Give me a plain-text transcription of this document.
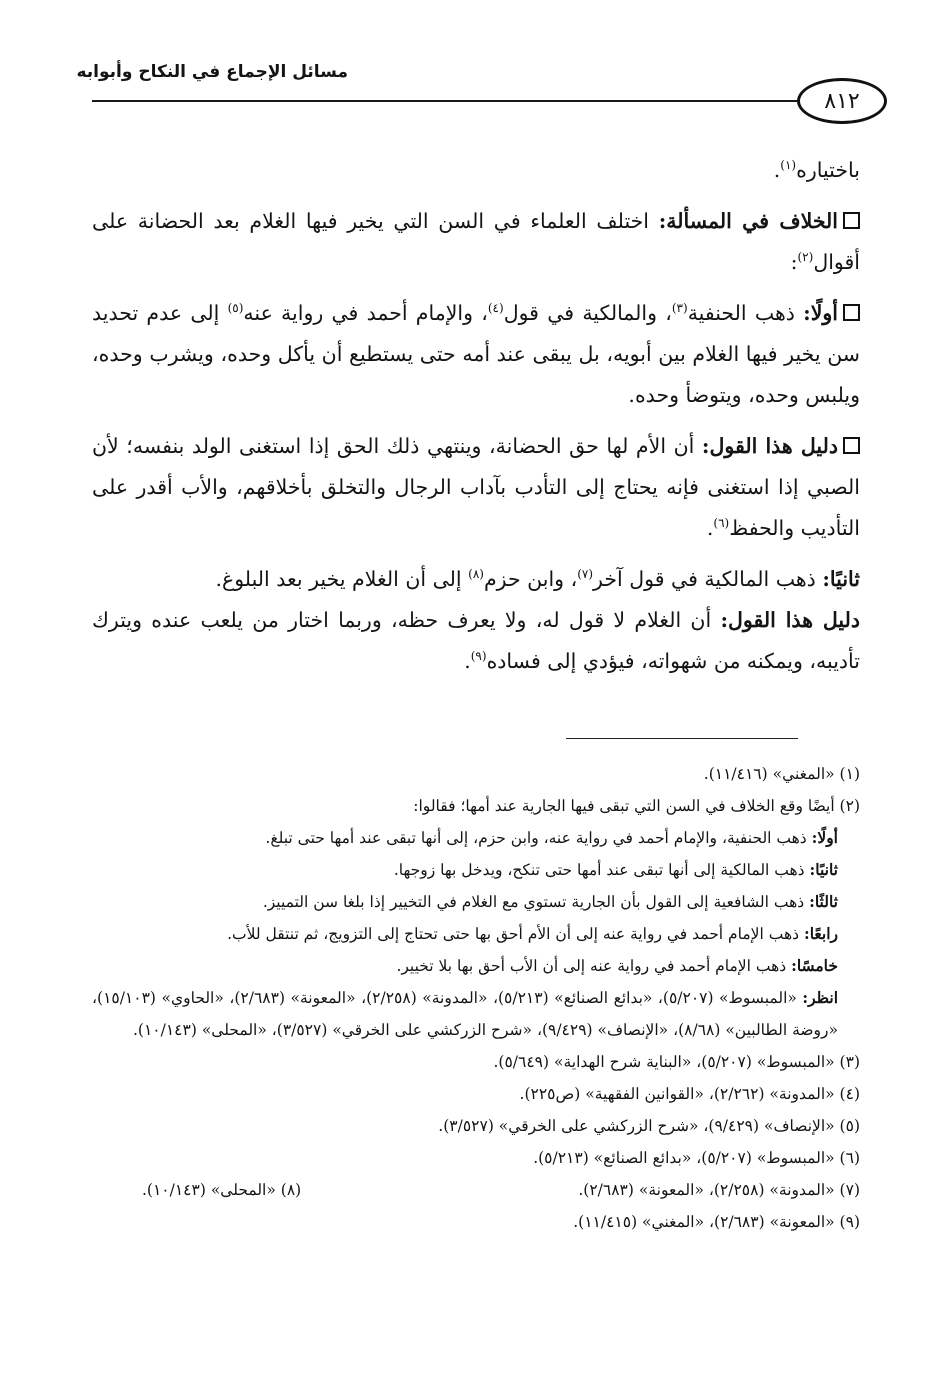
مسائل الإجماع في النكاح وأبوابه
٨١٢

باختياره$^{(١)}$.

الخلاف في المسألة: اختلف العلماء في السن التي يخير فيها الغلام بعد الحضانة على أقوال$^{(٢)}$:

أولًا: ذهب الحنفية$^{(٣)}$، والمالكية في قول$^{(٤)}$، والإمام أحمد في رواية عنه$^{(٥)}$ إلى عدم تحديد سن يخير فيها الغلام بين أبويه، بل يبقى عند أمه حتى يستطيع أن يأكل وحده، ويشرب وحده، ويلبس وحده، ويتوضأ وحده.

دليل هذا القول: أن الأم لها حق الحضانة، وينتهي ذلك الحق إذا استغنى الولد بنفسه؛ لأن الصبي إذا استغنى فإنه يحتاج إلى التأدب بآداب الرجال والتخلق بأخلاقهم، والأب أقدر على التأديب والحفظ$^{(٦)}$.

ثانيًا: ذهب المالكية في قول آخر$^{(٧)}$، وابن حزم$^{(٨)}$ إلى أن الغلام يخير بعد البلوغ.

دليل هذا القول: أن الغلام لا قول له، ولا يعرف حظه، وربما اختار من يلعب عنده ويترك تأديبه، ويمكنه من شهواته، فيؤدي إلى فساده$^{(٩)}$.

(١) «المغني» (١١/٤١٦).

(٢) أيضًا وقع الخلاف في السن التي تبقى فيها الجارية عند أمها؛ فقالوا:

أولًا: ذهب الحنفية، والإمام أحمد في رواية عنه، وابن حزم، إلى أنها تبقى عند أمها حتى تبلغ.

ثانيًا: ذهب المالكية إلى أنها تبقى عند أمها حتى تنكح، ويدخل بها زوجها.

ثالثًا: ذهب الشافعية إلى القول بأن الجارية تستوي مع الغلام في التخيير إذا بلغا سن التمييز.

رابعًا: ذهب الإمام أحمد في رواية عنه إلى أن الأم أحق بها حتى تحتاج إلى التزويج، ثم تنتقل للأب.

خامسًا: ذهب الإمام أحمد في رواية عنه إلى أن الأب أحق بها بلا تخيير.

انظر: «المبسوط» (٥/٢٠٧)، «بدائع الصنائع» (٥/٢١٣)، «المدونة» (٢/٢٥٨)، «المعونة» (٢/٦٨٣)، «الحاوي» (١٥/١٠٣)، «روضة الطالبين» (٨/٦٨)، «الإنصاف» (٩/٤٢٩)، «شرح الزركشي على الخرقي» (٣/٥٢٧)، «المحلى» (١٠/١٤٣).

(٣) «المبسوط» (٥/٢٠٧)، «البناية شرح الهداية» (٥/٦٤٩).

(٤) «المدونة» (٢/٢٦٢)، «القوانين الفقهية» (ص٢٢٥).

(٥) «الإنصاف» (٩/٤٢٩)، «شرح الزركشي على الخرقي» (٣/٥٢٧).

(٦) «المبسوط» (٥/٢٠٧)، «بدائع الصنائع» (٥/٢١٣).

(٧) «المدونة» (٢/٢٥٨)، «المعونة» (٢/٦٨٣).
(٨) «المحلى» (١٠/١٤٣).

(٩) «المعونة» (٢/٦٨٣)، «المغني» (١١/٤١٥).
